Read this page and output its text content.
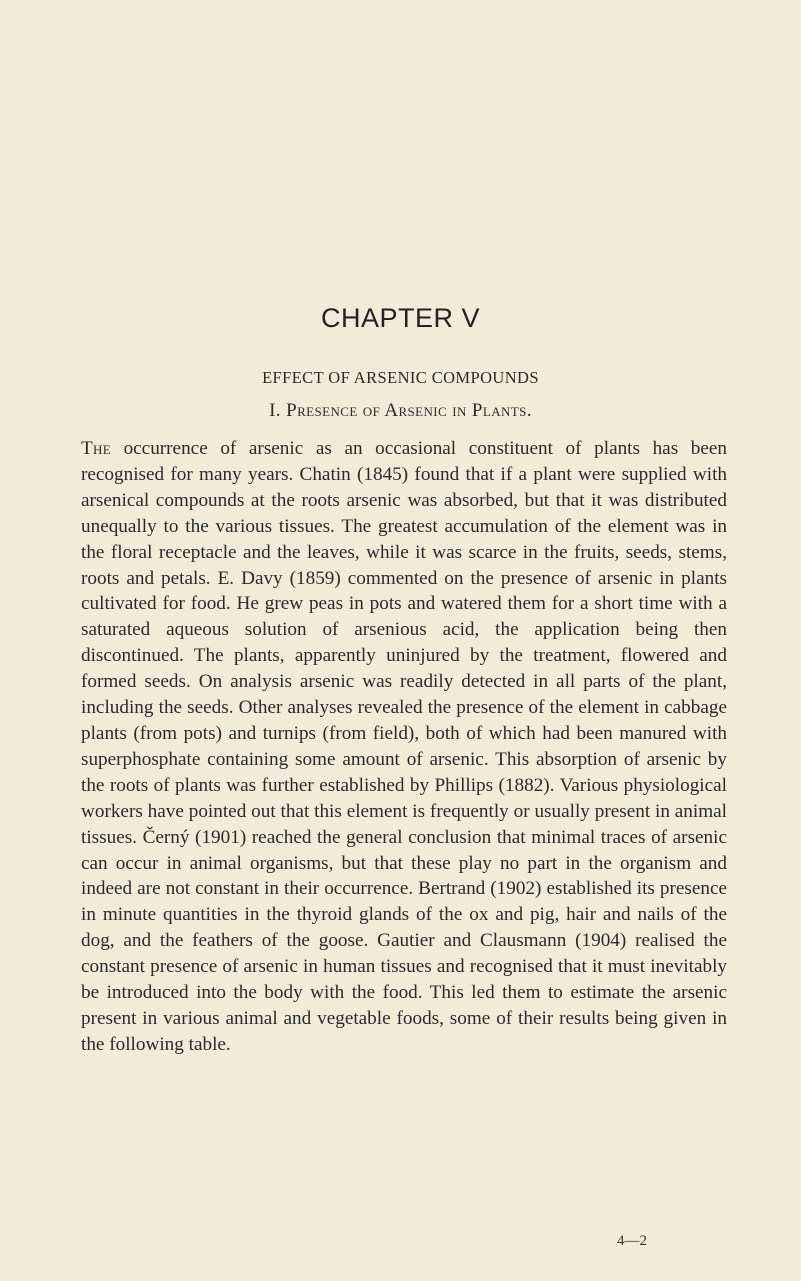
CHAPTER V
EFFECT OF ARSENIC COMPOUNDS
I. Presence of Arsenic in Plants.

The occurrence of arsenic as an occasional constituent of plants has been recognised for many years. Chatin (1845) found that if a plant were supplied with arsenical compounds at the roots arsenic was absorbed, but that it was distributed unequally to the various tissues. The greatest accumulation of the element was in the floral receptacle and the leaves, while it was scarce in the fruits, seeds, stems, roots and petals. E. Davy (1859) commented on the presence of arsenic in plants cultivated for food. He grew peas in pots and watered them for a short time with a saturated aqueous solution of arsenious acid, the application being then discontinued. The plants, apparently uninjured by the treatment, flowered and formed seeds. On analysis arsenic was readily detected in all parts of the plant, including the seeds. Other analyses revealed the presence of the element in cabbage plants (from pots) and turnips (from field), both of which had been manured with superphosphate containing some amount of arsenic. This absorption of arsenic by the roots of plants was further established by Phillips (1882). Various physiological workers have pointed out that this element is frequently or usually present in animal tissues. Černý (1901) reached the general conclusion that minimal traces of arsenic can occur in animal organisms, but that these play no part in the organism and indeed are not constant in their occurrence. Bertrand (1902) established its presence in minute quantities in the thyroid glands of the ox and pig, hair and nails of the dog, and the feathers of the goose. Gautier and Clausmann (1904) realised the constant presence of arsenic in human tissues and recognised that it must inevitably be introduced into the body with the food. This led them to estimate the arsenic present in various animal and vegetable foods, some of their results being given in the following table.

4—2
